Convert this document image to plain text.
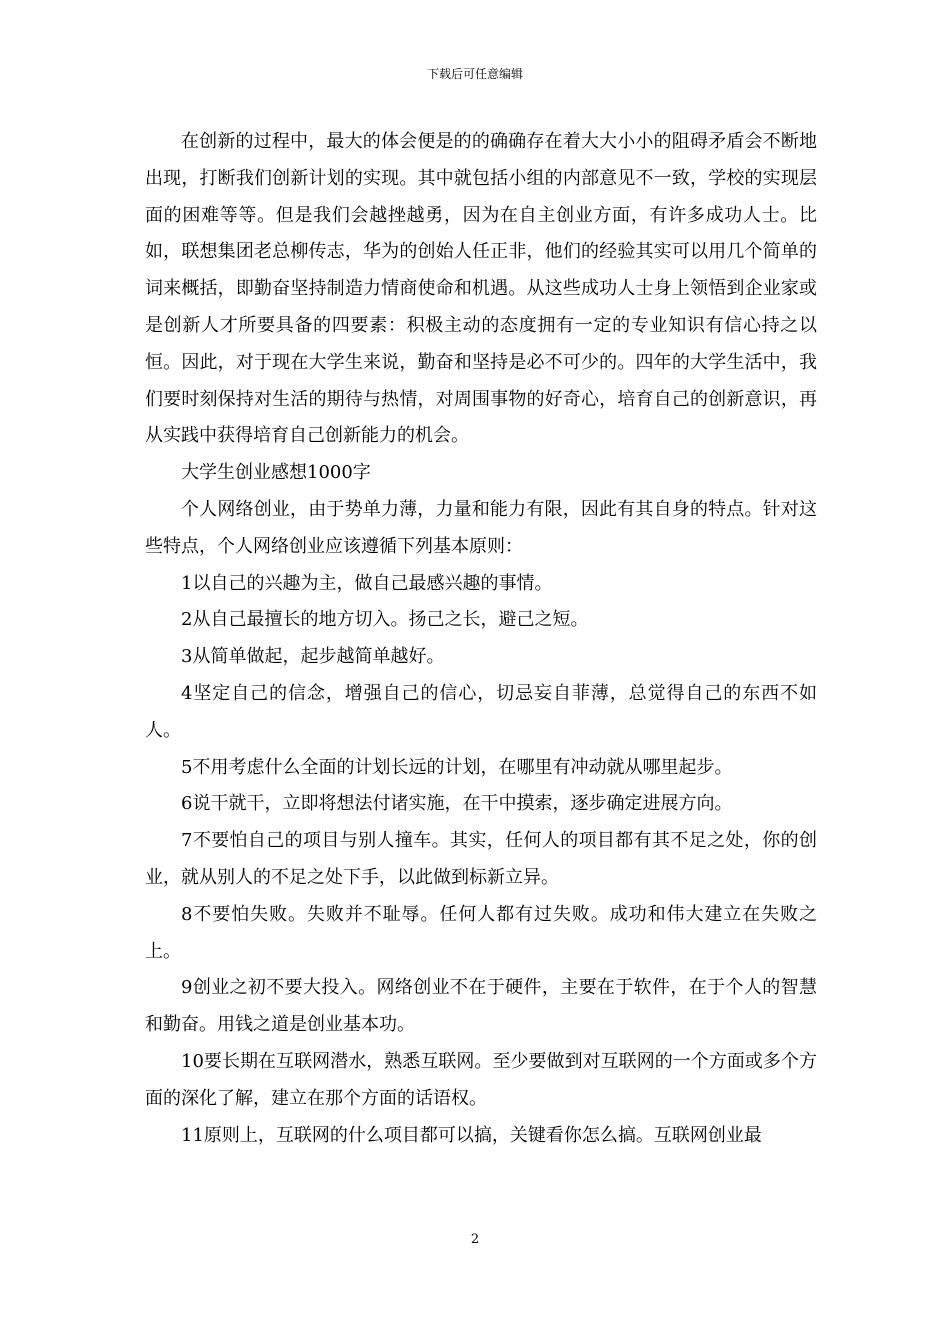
下载后可任意编辑

在创新的过程中，最大的体会便是的的确确存在着大大小小的阻碍矛盾会不断地出现，打断我们创新计划的实现。其中就包括小组的内部意见不一致，学校的实现层面的困难等等。但是我们会越挫越勇，因为在自主创业方面，有许多成功人士。比如，联想集团老总柳传志，华为的创始人任正非，他们的经验其实可以用几个简单的词来概括，即勤奋坚持制造力情商使命和机遇。从这些成功人士身上领悟到企业家或是创新人才所要具备的四要素：积极主动的态度拥有一定的专业知识有信心持之以恒。因此，对于现在大学生来说，勤奋和坚持是必不可少的。四年的大学生活中，我们要时刻保持对生活的期待与热情，对周围事物的好奇心，培育自己的创新意识，再从实践中获得培育自己创新能力的机会。

大学生创业感想1000字

个人网络创业，由于势单力薄，力量和能力有限，因此有其自身的特点。针对这些特点，个人网络创业应该遵循下列基本原则：

1以自己的兴趣为主，做自己最感兴趣的事情。

2从自己最擅长的地方切入。扬己之长，避己之短。

3从简单做起，起步越简单越好。

4坚定自己的信念，增强自己的信心，切忌妄自菲薄，总觉得自己的东西不如人。

5不用考虑什么全面的计划长远的计划，在哪里有冲动就从哪里起步。

6说干就干，立即将想法付诸实施，在干中摸索，逐步确定进展方向。

7不要怕自己的项目与别人撞车。其实，任何人的项目都有其不足之处，你的创业，就从别人的不足之处下手，以此做到标新立异。

8不要怕失败。失败并不耻辱。任何人都有过失败。成功和伟大建立在失败之上。

9创业之初不要大投入。网络创业不在于硬件，主要在于软件，在于个人的智慧和勤奋。用钱之道是创业基本功。

10要长期在互联网潜水，熟悉互联网。至少要做到对互联网的一个方面或多个方面的深化了解，建立在那个方面的话语权。

11原则上，互联网的什么项目都可以搞，关键看你怎么搞。互联网创业最

2
